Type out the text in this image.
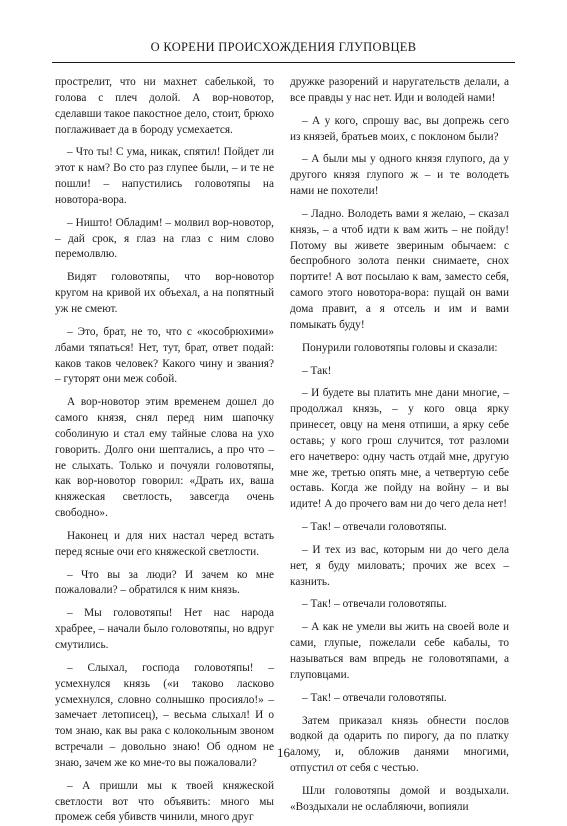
О КОРЕНИ ПРОИСХОЖДЕНИЯ ГЛУПОВЦЕВ

прострелит, что ни махнет сабелькой, то голова с плеч долой. А вор-новотор, сделавши такое пакостное дело, стоит, брюхо поглаживает да в бороду усмехается.

– Что ты! С ума, никак, спятил! Пойдет ли этот к нам? Во сто раз глупее были, – и те не пошли! – напустились головотяпы на новотора-вора.

– Ништо! Обладим! – молвил вор-новотор, – дай срок, я глаз на глаз с ним слово перемолвлю.

Видят головотяпы, что вор-новотор кругом на кривой их объехал, а на попятный уж не смеют.

– Это, брат, не то, что с «кособрюхими» лбами тяпаться! Нет, тут, брат, ответ подай: каков таков человек? Какого чину и звания? – гуторят они меж собой.

А вор-новотор этим временем дошел до самого князя, снял перед ним шапочку соболиную и стал ему тайные слова на ухо говорить. Долго они шептались, а про что – не слыхать. Только и почуяли головотяпы, как вор-новотор говорил: «Драть их, ваша княжеская светлость, завсегда очень свободно».

Наконец и для них настал черед встать перед ясные очи его княжеской светлости.

– Что вы за люди? И зачем ко мне пожаловали? – обратился к ним князь.

– Мы головотяпы! Нет нас народа храбрее, – начали было головотяпы, но вдруг смутились.

– Слыхал, господа головотяпы! – усмехнулся князь («и таково ласково усмехнулся, словно солнышко просияло!» – замечает летописец), – весьма слыхал! И о том знаю, как вы рака с колокольным звоном встречали – довольно знаю! Об одном не знаю, зачем же ко мне-то вы пожаловали?

– А пришли мы к твоей княжеской светлости вот что объявить: много мы промеж себя убивств чинили, много друг

дружке разорений и наругательств делали, а все правды у нас нет. Иди и володей нами!

– А у кого, спрошу вас, вы допрежь сего из князей, братьев моих, с поклоном были?

– А были мы у одного князя глупого, да у другого князя глупого ж – и те володеть нами не похотели!

– Ладно. Володеть вами я желаю, – сказал князь, – а чтоб идти к вам жить – не пойду! Потому вы живете звериным обычаем: с беспробного золота пенки снимаете, снох портите! А вот посылаю к вам, заместо себя, самого этого новотора-вора: пущай он вами дома правит, а я отсель и им и вами помыкать буду!

Понурили головотяпы головы и сказали:

– Так!

– И будете вы платить мне дани многие, – продолжал князь, – у кого овца ярку принесет, овцу на меня отпиши, а ярку себе оставь; у кого грош случится, тот разломи его начетверо: одну часть отдай мне, другую мне же, третью опять мне, а четвертую себе оставь. Когда же пойду на войну – и вы идите! А до прочего вам ни до чего дела нет!

– Так! – отвечали головотяпы.

– И тех из вас, которым ни до чего дела нет, я буду миловать; прочих же всех – казнить.

– Так! – отвечали головотяпы.

– А как не умели вы жить на своей воле и сами, глупые, пожелали себе кабалы, то называться вам впредь не головотяпами, а глуповцами.

– Так! – отвечали головотяпы.

Затем приказал князь обнести послов водкой да одарить по пирогу, да по платку алому, и, обложив данями многими, отпустил от себя с честью.

Шли головотяпы домой и воздыхали. «Воздыхали не ослабляючи, вопияли

16
